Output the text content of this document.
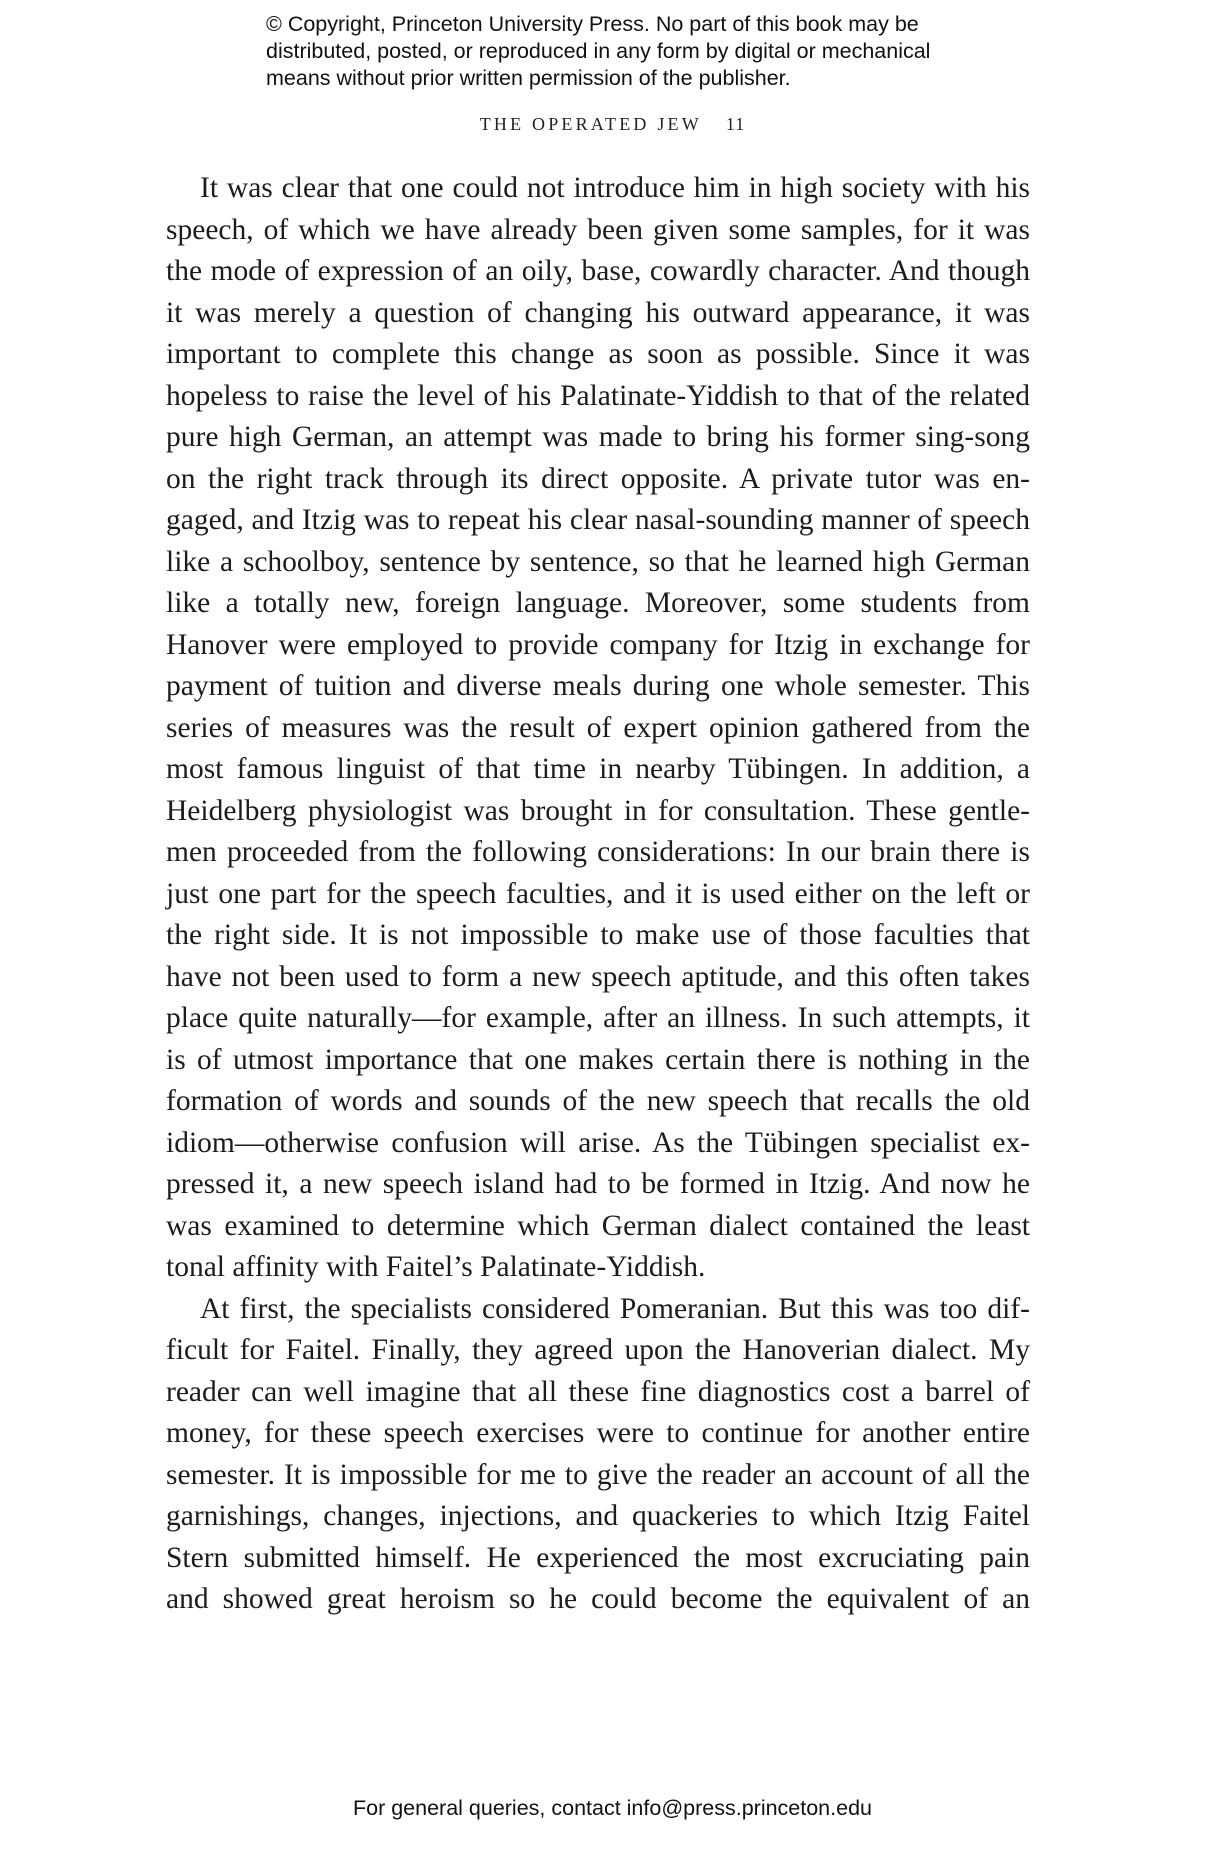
© Copyright, Princeton University Press. No part of this book may be
distributed, posted, or reproduced in any form by digital or mechanical
means without prior written permission of the publisher.
THE OPERATED JEW 11
It was clear that one could not introduce him in high society with his
speech, of which we have already been given some samples, for it was
the mode of expression of an oily, base, cowardly character. And though
it was merely a question of changing his outward appearance, it was
important to complete this change as soon as possible. Since it was
hopeless to raise the level of his Palatinate-Yiddish to that of the related
pure high German, an attempt was made to bring his former sing-song
on the right track through its direct opposite. A private tutor was en-
gaged, and Itzig was to repeat his clear nasal-sounding manner of speech
like a schoolboy, sentence by sentence, so that he learned high German
like a totally new, foreign language. Moreover, some students from
Hanover were employed to provide company for Itzig in exchange for
payment of tuition and diverse meals during one whole semester. This
series of measures was the result of expert opinion gathered from the
most famous linguist of that time in nearby Tübingen. In addition, a
Heidelberg physiologist was brought in for consultation. These gentle-
men proceeded from the following considerations: In our brain there is
just one part for the speech faculties, and it is used either on the left or
the right side. It is not impossible to make use of those faculties that
have not been used to form a new speech aptitude, and this often takes
place quite naturally—for example, after an illness. In such attempts, it
is of utmost importance that one makes certain there is nothing in the
formation of words and sounds of the new speech that recalls the old
idiom—otherwise confusion will arise. As the Tübingen specialist ex-
pressed it, a new speech island had to be formed in Itzig. And now he
was examined to determine which German dialect contained the least
tonal affinity with Faitel’s Palatinate-Yiddish.
At first, the specialists considered Pomeranian. But this was too dif-
ficult for Faitel. Finally, they agreed upon the Hanoverian dialect. My
reader can well imagine that all these fine diagnostics cost a barrel of
money, for these speech exercises were to continue for another entire
semester. It is impossible for me to give the reader an account of all the
garnishings, changes, injections, and quackeries to which Itzig Faitel
Stern submitted himself. He experienced the most excruciating pain
and showed great heroism so he could become the equivalent of an
For general queries, contact info@press.princeton.edu
